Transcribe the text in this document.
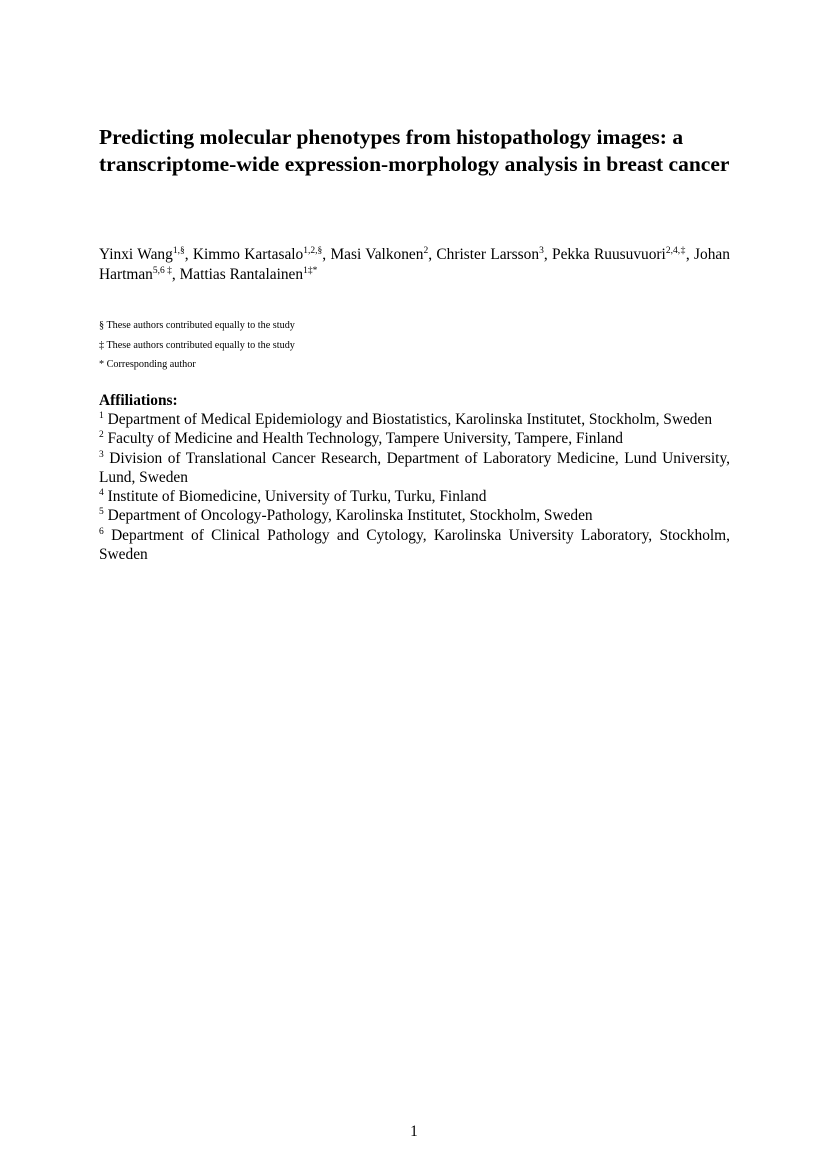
Predicting molecular phenotypes from histopathology images: a transcriptome-wide expression-morphology analysis in breast cancer

Yinxi Wang$^{1,\S}$, Kimmo Kartasalo$^{1,2,\S}$, Masi Valkonen$^2$, Christer Larsson$^3$, Pekka Ruusuvuori$^{2,4,\ddagger}$, Johan Hartman$^{5,6 \ddagger}$, Mattias Rantalainen$^{1\ddagger*}$

§ These authors contributed equally to the study
‡ These authors contributed equally to the study
* Corresponding author
Affiliations:
$^1$ Department of Medical Epidemiology and Biostatistics, Karolinska Institutet, Stockholm, Sweden
$^2$ Faculty of Medicine and Health Technology, Tampere University, Tampere, Finland
$^3$ Division of Translational Cancer Research, Department of Laboratory Medicine, Lund University, Lund, Sweden
$^4$ Institute of Biomedicine, University of Turku, Turku, Finland
$^5$ Department of Oncology-Pathology, Karolinska Institutet, Stockholm, Sweden
$^6$ Department of Clinical Pathology and Cytology, Karolinska University Laboratory, Stockholm, Sweden
1
